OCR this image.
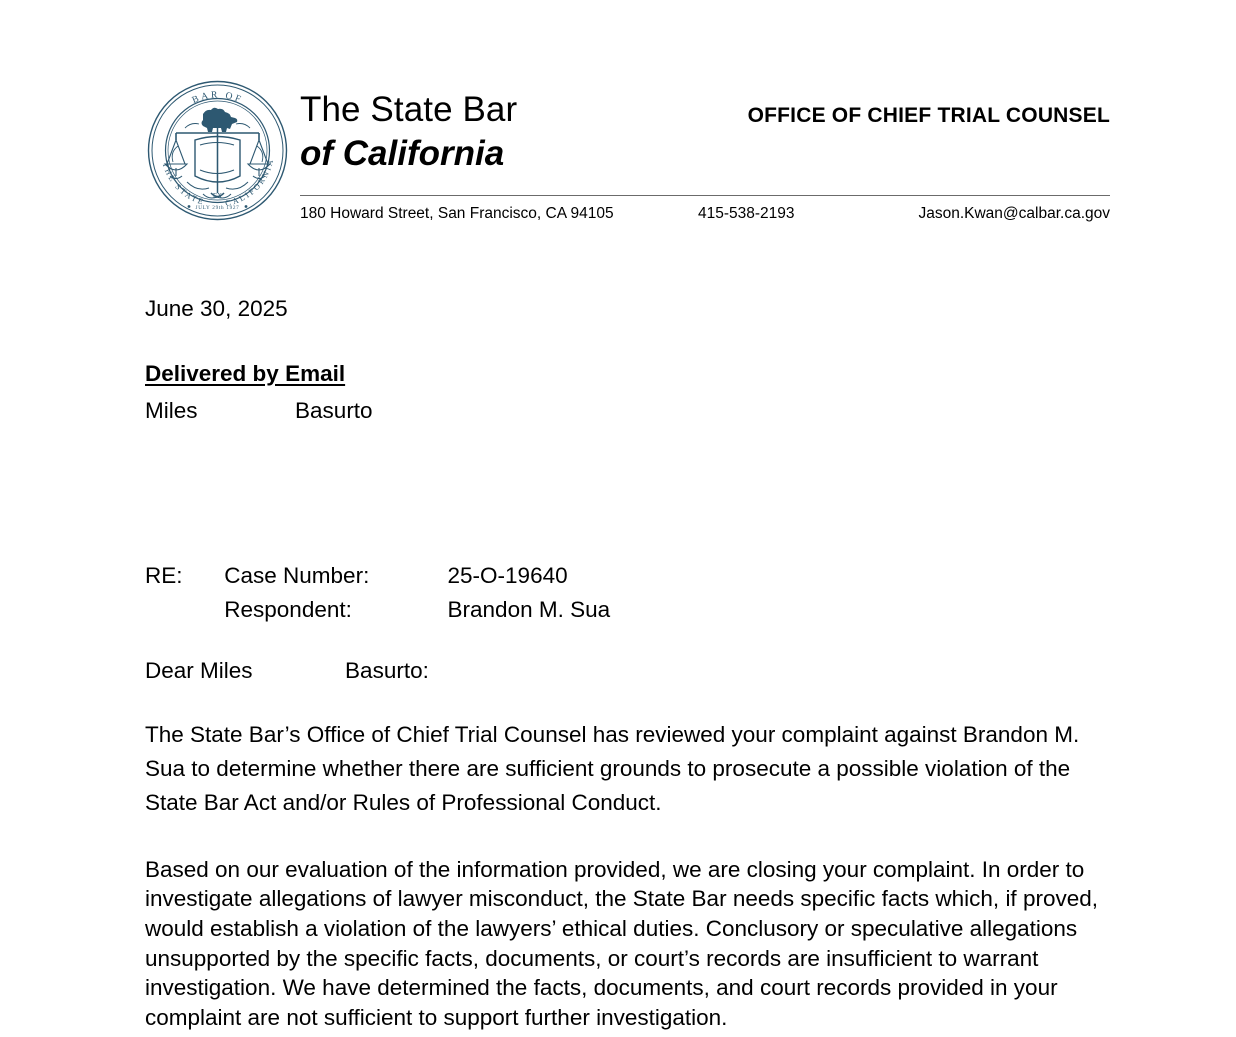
BAR OF
THE STATE CALIFORNIA
JULY 29th 1927
EX
The State Bar
of California
OFFICE OF CHIEF TRIAL COUNSEL
180 Howard Street, San Francisco, CA 94105	415-538-2193	Jason.Kwan@calbar.ca.gov
June 30, 2025
Delivered by Email
Miles		Basurto
RE: Case Number:	25-O-19640
Respondent:	Brandon M. Sua
Dear Miles		Basurto:

The State Bar’s Office of Chief Trial Counsel has reviewed your complaint against Brandon M. Sua to determine whether there are sufficient grounds to prosecute a possible violation of the State Bar Act and/or Rules of Professional Conduct.

Based on our evaluation of the information provided, we are closing your complaint. In order to investigate allegations of lawyer misconduct, the State Bar needs specific facts which, if proved, would establish a violation of the lawyers’ ethical duties. Conclusory or speculative allegations unsupported by the specific facts, documents, or court’s records are insufficient to warrant investigation. We have determined the facts, documents, and court records provided in your complaint are not sufficient to support further investigation.
